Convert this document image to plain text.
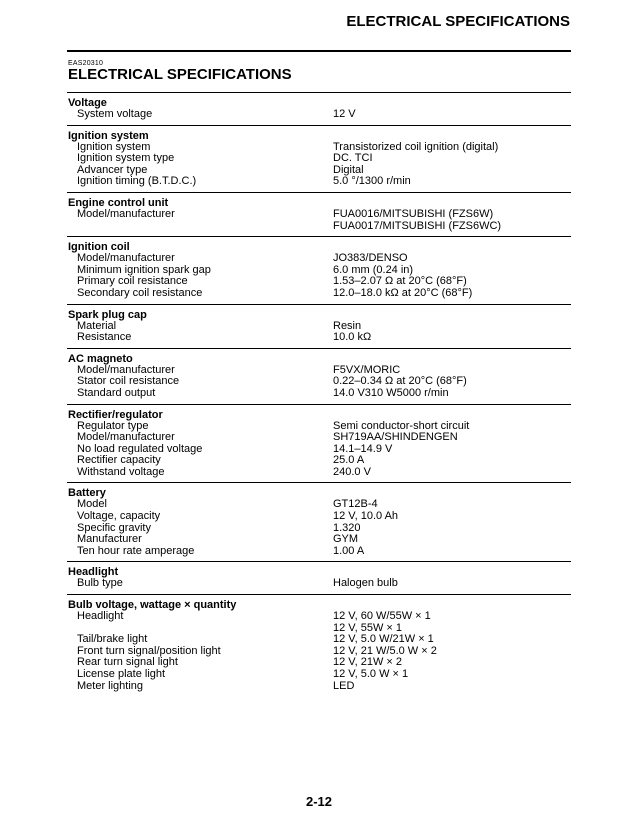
ELECTRICAL SPECIFICATIONS
EAS20310
ELECTRICAL SPECIFICATIONS
Voltage
System voltage	12 V
Ignition system
Ignition system	Transistorized coil ignition (digital)
Ignition system type	DC. TCI
Advancer type	Digital
Ignition timing (B.T.D.C.)	5.0 °/1300 r/min
Engine control unit
Model/manufacturer	FUA0016/MITSUBISHI (FZS6W)
FUA0017/MITSUBISHI (FZS6WC)
Ignition coil
Model/manufacturer	JO383/DENSO
Minimum ignition spark gap	6.0 mm (0.24 in)
Primary coil resistance	1.53–2.07 Ω at 20°C (68°F)
Secondary coil resistance	12.0–18.0 kΩ at 20°C (68°F)
Spark plug cap
Material	Resin
Resistance	10.0 kΩ
AC magneto
Model/manufacturer	F5VX/MORIC
Stator coil resistance	0.22–0.34 Ω at 20°C (68°F)
Standard output	14.0 V310 W5000 r/min
Rectifier/regulator
Regulator type	Semi conductor-short circuit
Model/manufacturer	SH719AA/SHINDENGEN
No load regulated voltage	14.1–14.9 V
Rectifier capacity	25.0 A
Withstand voltage	240.0 V
Battery
Model	GT12B-4
Voltage, capacity	12 V, 10.0 Ah
Specific gravity	1.320
Manufacturer	GYM
Ten hour rate amperage	1.00 A
Headlight
Bulb type	Halogen bulb
Bulb voltage, wattage × quantity
Headlight	12 V, 60 W/55W × 1
12 V, 55W × 1
Tail/brake light	12 V, 5.0 W/21W × 1
Front turn signal/position light	12 V, 21 W/5.0 W × 2
Rear turn signal light	12 V, 21W × 2
License plate light	12 V, 5.0 W × 1
Meter lighting	LED
2-12
